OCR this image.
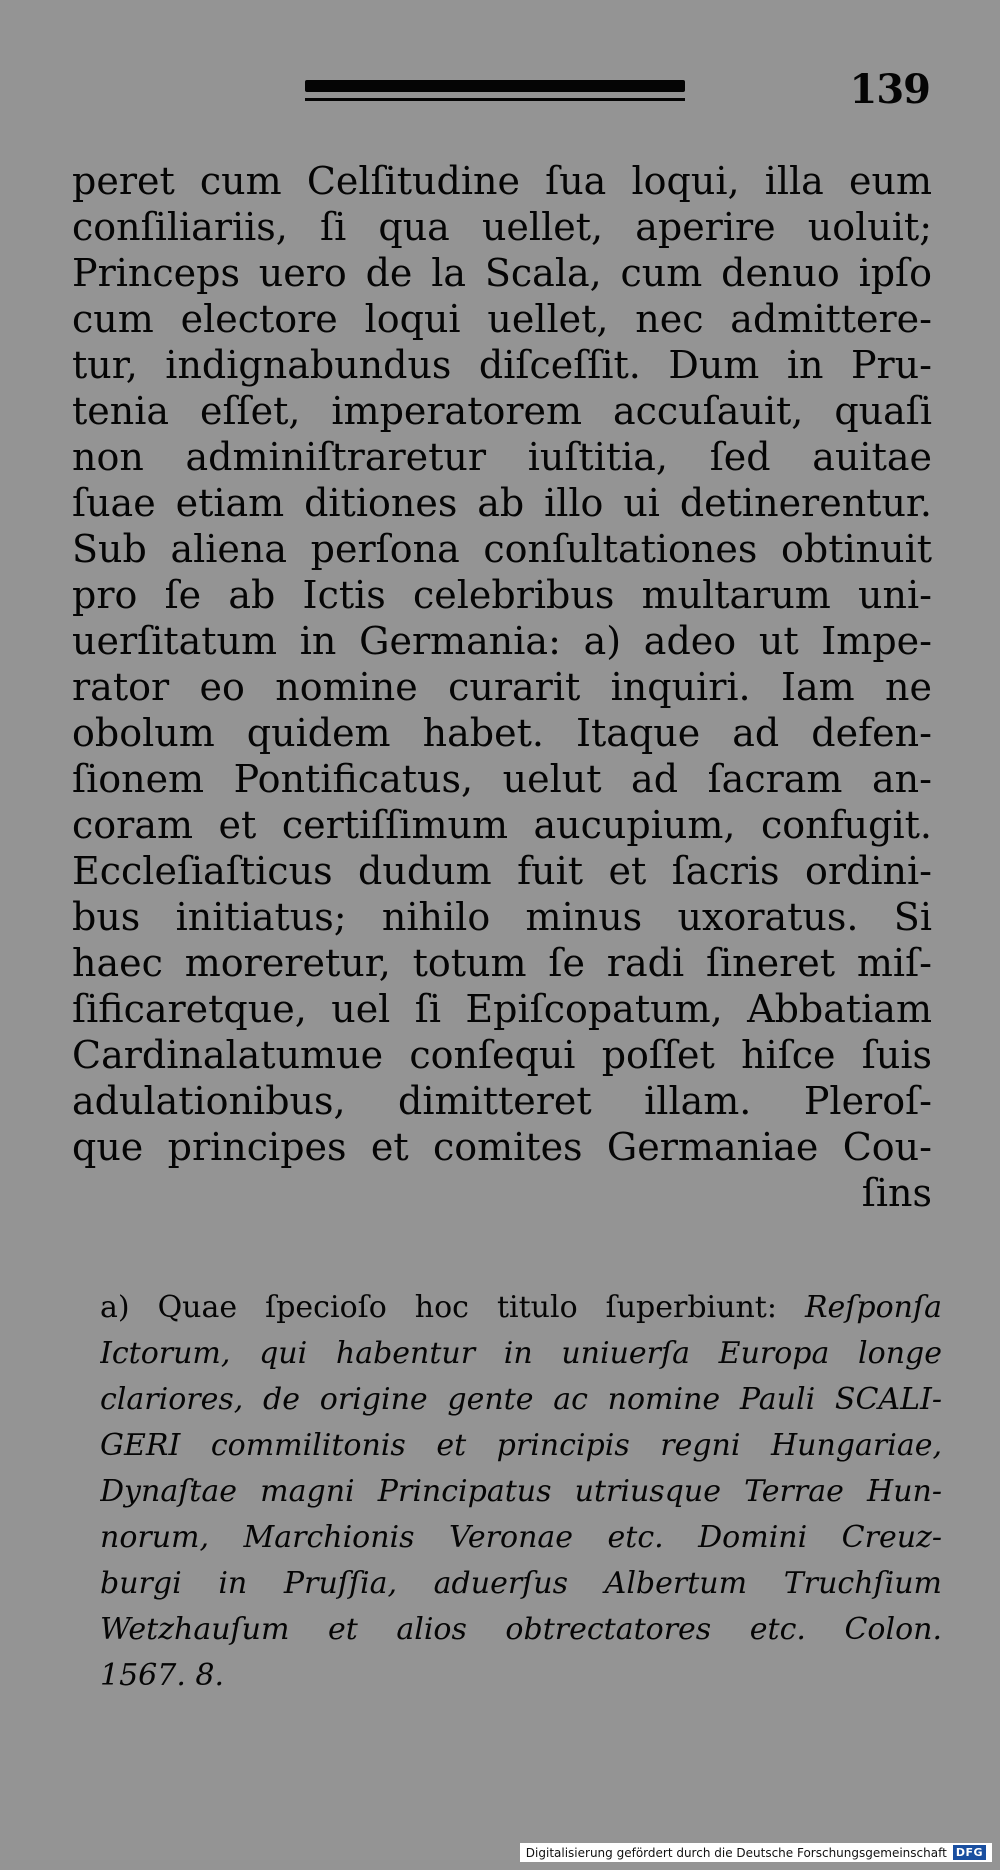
139
peret cum Celſitudine ſua loqui, illa eum
conſiliariis, ſi qua uellet, aperire uoluit;
Princeps uero de la Scala, cum denuo ipſo
cum electore loqui uellet, nec admittere-
tur, indignabundus diſceſſit. Dum in Pru-
tenia eſſet, imperatorem accuſauit, quaſi
non adminiſtraretur iuſtitia, ſed auitae
ſuae etiam ditiones ab illo ui detinerentur.
Sub aliena perſona conſultationes obtinuit
pro ſe ab Ictis celebribus multarum uni-
uerſitatum in Germania: a) adeo ut Impe-
rator eo nomine curarit inquiri. Iam ne
obolum quidem habet. Itaque ad defen-
ſionem Pontificatus, uelut ad ſacram an-
coram et certiſſimum aucupium, confugit.
Eccleſiaſticus dudum fuit et ſacris ordini-
bus initiatus; nihilo minus uxoratus. Si
haec moreretur, totum ſe radi ſineret miſ-
ſificaretque, uel ſi Epiſcopatum, Abbatiam
Cardinalatumue conſequi poſſet hiſce ſuis
adulationibus, dimitteret illam. Pleroſ-
que principes et comites Germaniae Cou-
ſins
a) Quae ſpecioſo hoc titulo ſuperbiunt: Reſponſa
Ictorum, qui habentur in uniuerſa Europa longe
clariores, de origine gente ac nomine Pauli SCALI-
GERI commilitonis et principis regni Hungariae,
Dynaſtae magni Principatus utriusque Terrae Hun-
norum, Marchionis Veronae etc. Domini Creuz-
burgi in Pruſſia, aduerſus Albertum Truchſium
Wetzhauſum et alios obtrectatores etc. Colon.
1567. 8.
Digitalisierung gefördert durch die Deutsche Forschungsgemeinschaft DFG
